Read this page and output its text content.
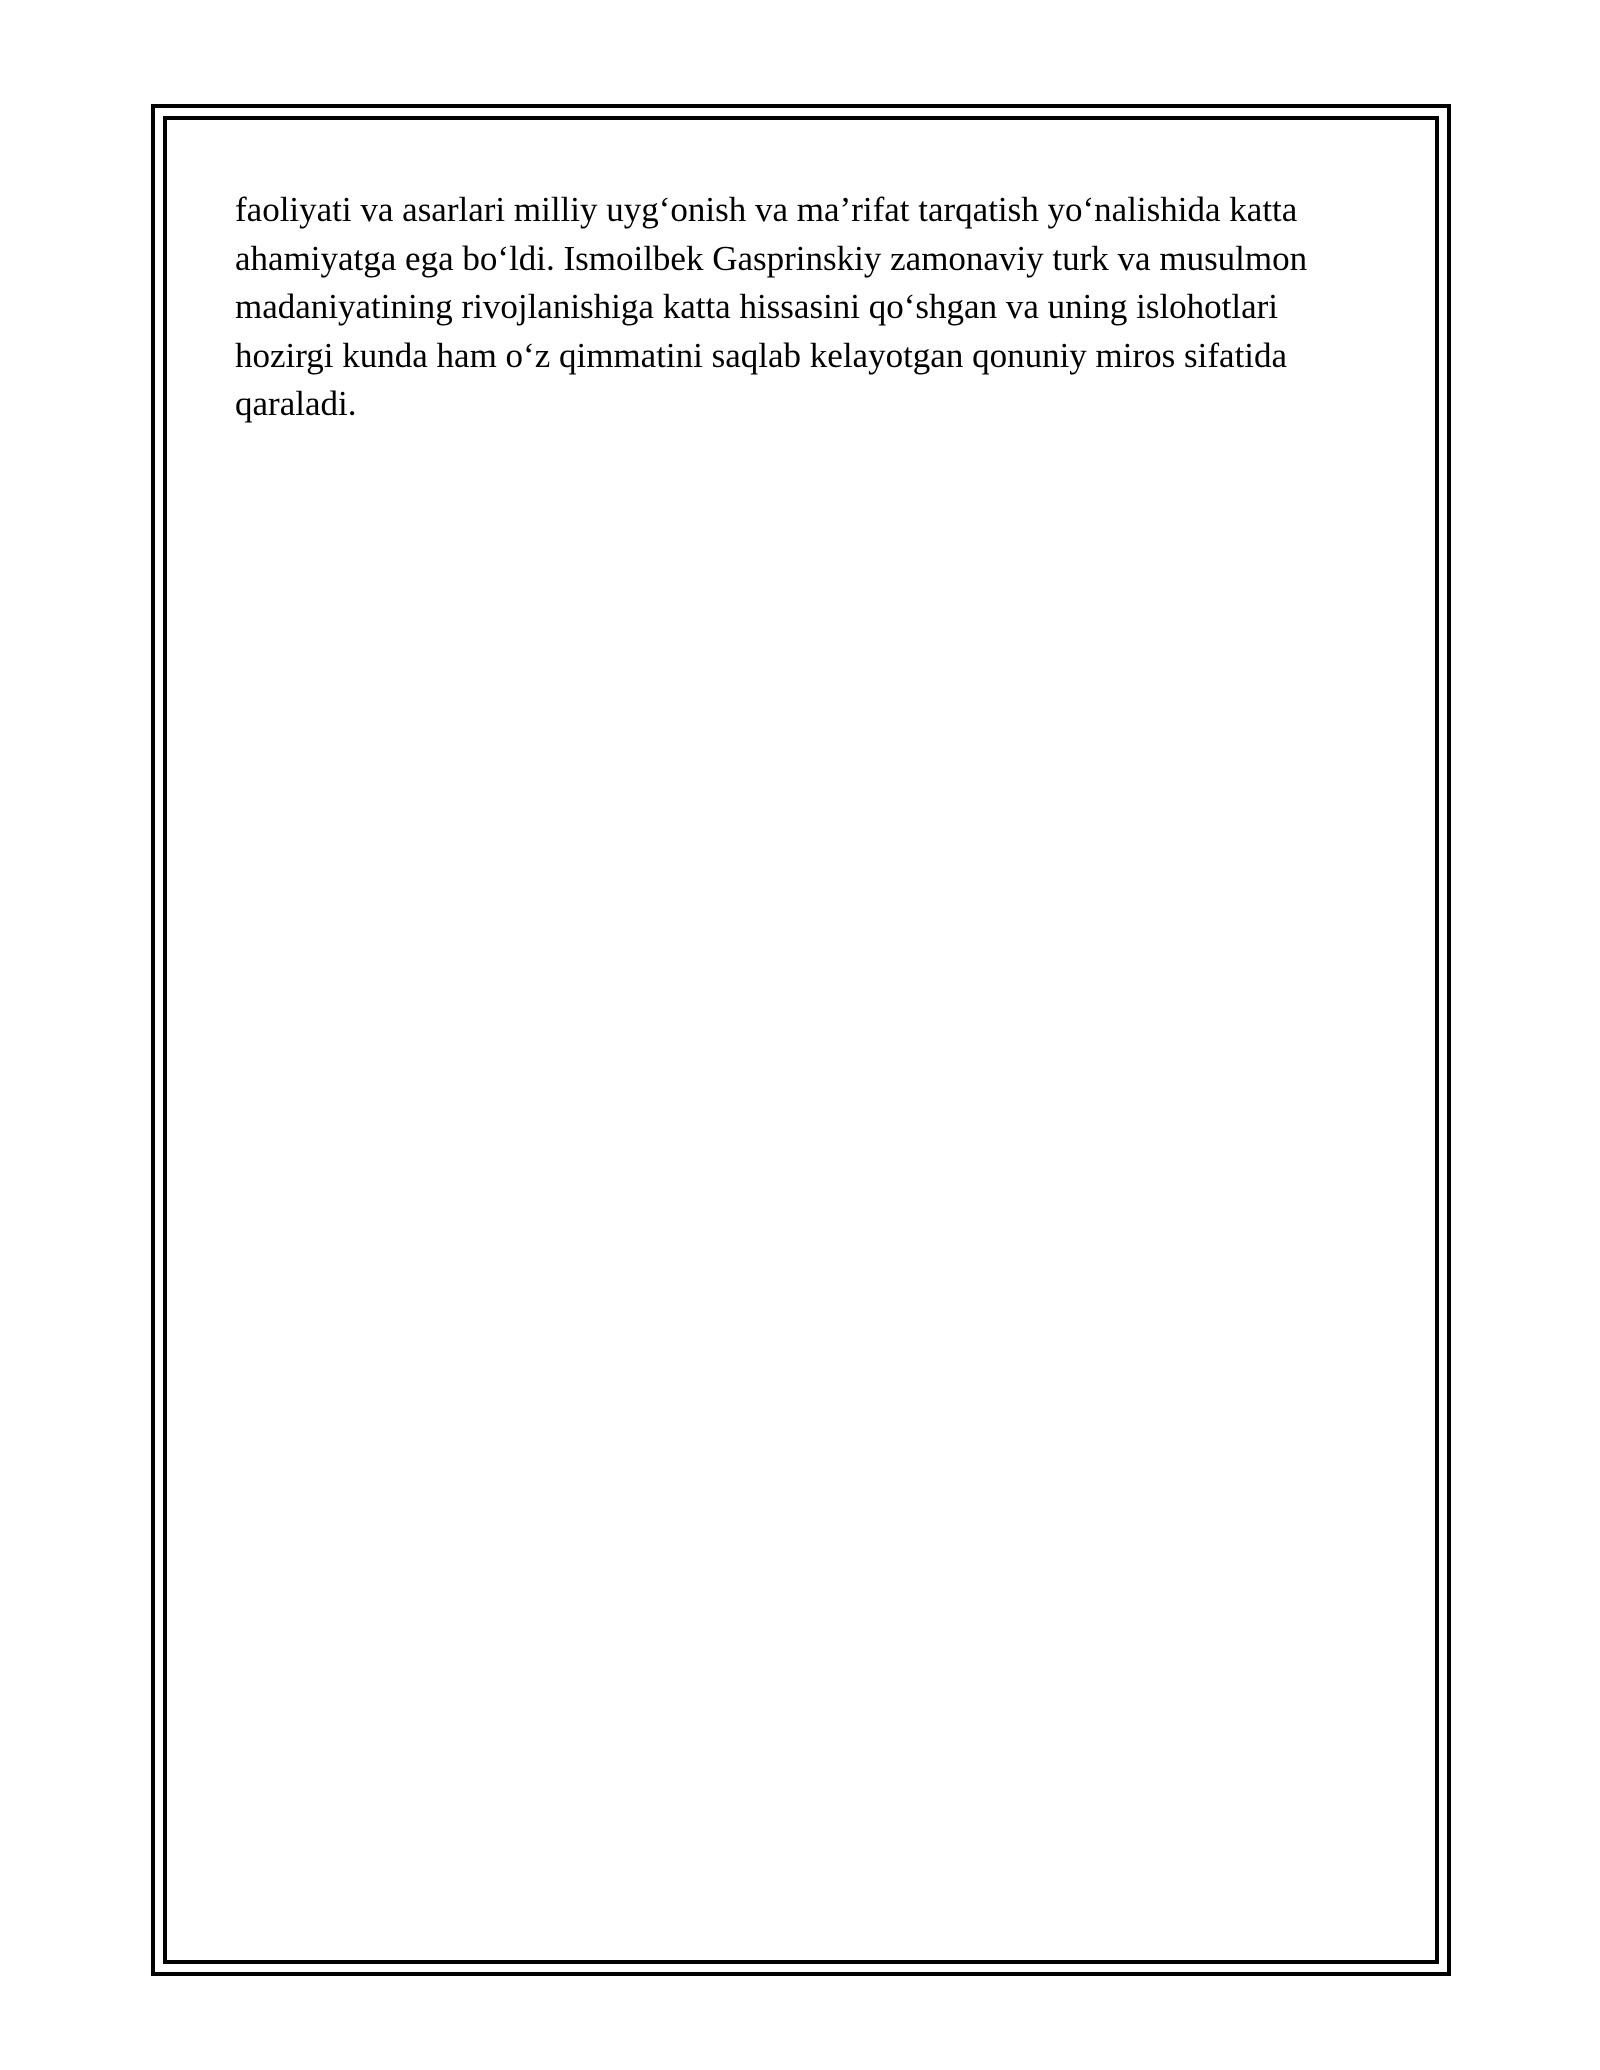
faoliyati va asarlari milliy uyg‘onish va ma’rifat tarqatish yo‘nalishida katta
ahamiyatga ega bo‘ldi. Ismoilbek Gasprinskiy zamonaviy turk va musulmon
madaniyatining rivojlanishiga katta hissasini qo‘shgan va uning islohotlari
hozirgi kunda ham o‘z qimmatini saqlab kelayotgan qonuniy miros sifatida
qaraladi.
